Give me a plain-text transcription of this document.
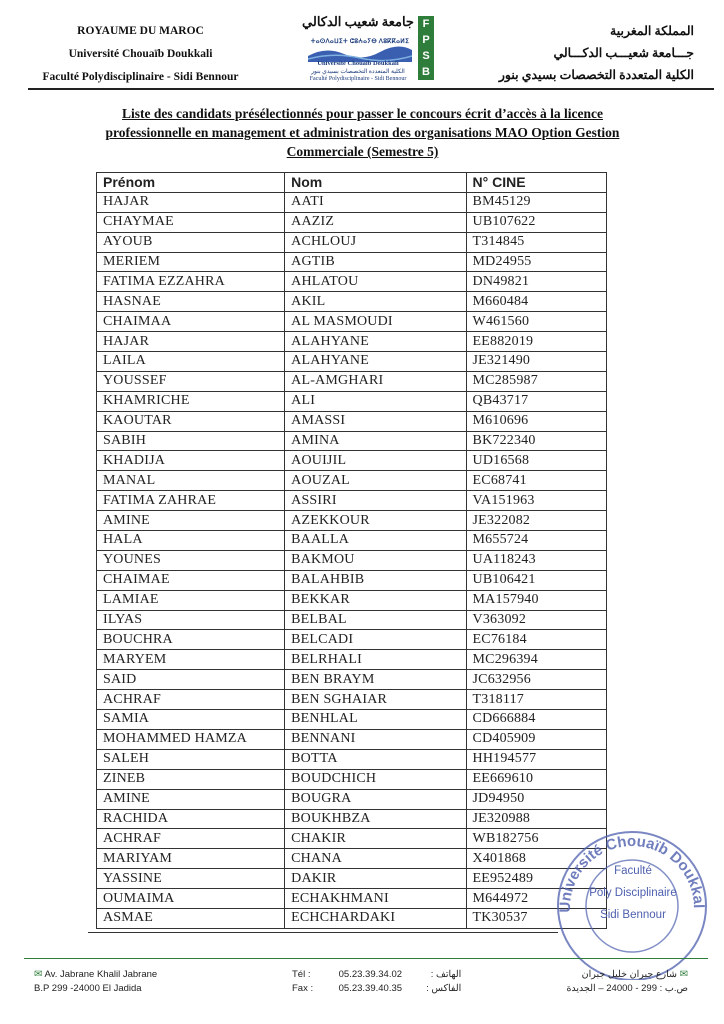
ROYAUME DU MAROC
Université Chouaïb Doukkali
Faculté Polydisciplinaire - Sidi Bennour
جامعة شعيب الدكالي
ⵜⴰⵙⴷⴰⵡⵉⵜ ⵛⵓⵄⴰⵢⴱ ⴷⵓⴽⴽⴰⵍⵉ
Université Chouaïb Doukkali
الكلية المتعددة التخصصات بسيدي بنور
Faculté Polydisciplinaire - Sidi Bennour
F
P
S
B
المملكة المغربية
جـــامعة شعيـــب الدكـــالي
الكلية المتعددة التخصصات بسيدي بنور
Liste des candidats présélectionnés pour passer le concours écrit d’accès à la licence professionnelle en management et administration des organisations MAO Option Gestion Commerciale (Semestre 5)
Prénom	Nom	N° CINE
HAJAR	AATI	BM45129
CHAYMAE	AAZIZ	UB107622
AYOUB	ACHLOUJ	T314845
MERIEM	AGTIB	MD24955
FATIMA EZZAHRA	AHLATOU	DN49821
HASNAE	AKIL	M660484
CHAIMAA	AL MASMOUDI	W461560
HAJAR	ALAHYANE	EE882019
LAILA	ALAHYANE	JE321490
YOUSSEF	AL-AMGHARI	MC285987
KHAMRICHE	ALI	QB43717
KAOUTAR	AMASSI	M610696
SABIH	AMINA	BK722340
KHADIJA	AOUIJIL	UD16568
MANAL	AOUZAL	EC68741
FATIMA ZAHRAE	ASSIRI	VA151963
AMINE	AZEKKOUR	JE322082
HALA	BAALLA	M655724
YOUNES	BAKMOU	UA118243
CHAIMAE	BALAHBIB	UB106421
LAMIAE	BEKKAR	MA157940
ILYAS	BELBAL	V363092
BOUCHRA	BELCADI	EC76184
MARYEM	BELRHALI	MC296394
SAID	BEN BRAYM	JC632956
ACHRAF	BEN SGHAIAR	T318117
SAMIA	BENHLAL	CD666884
MOHAMMED HAMZA	BENNANI	CD405909
SALEH	BOTTA	HH194577
ZINEB	BOUDCHICH	EE669610
AMINE	BOUGRA	JD94950
RACHIDA	BOUKHBZA	JE320988
ACHRAF	CHAKIR	WB182756
MARIYAM	CHANA	X401868
YASSINE	DAKIR	EE952489
OUMAIMA	ECHAKHMANI	M644972
ASMAE	ECHCHARDAKI	TK30537
Université Chouaïb Doukkal
Faculté
Poly Disciplinaire
Sidi Bennour
✉ Av. Jabrane Khalil Jabrane
B.P 299 -24000 El Jadida
Tél :	05.23.39.34.02	الهاتف :
Fax :	05.23.39.40.35	الفاكس :
✉ شارع جبران خليل جبران
ص.ب : 299 - 24000 – الجديدة
